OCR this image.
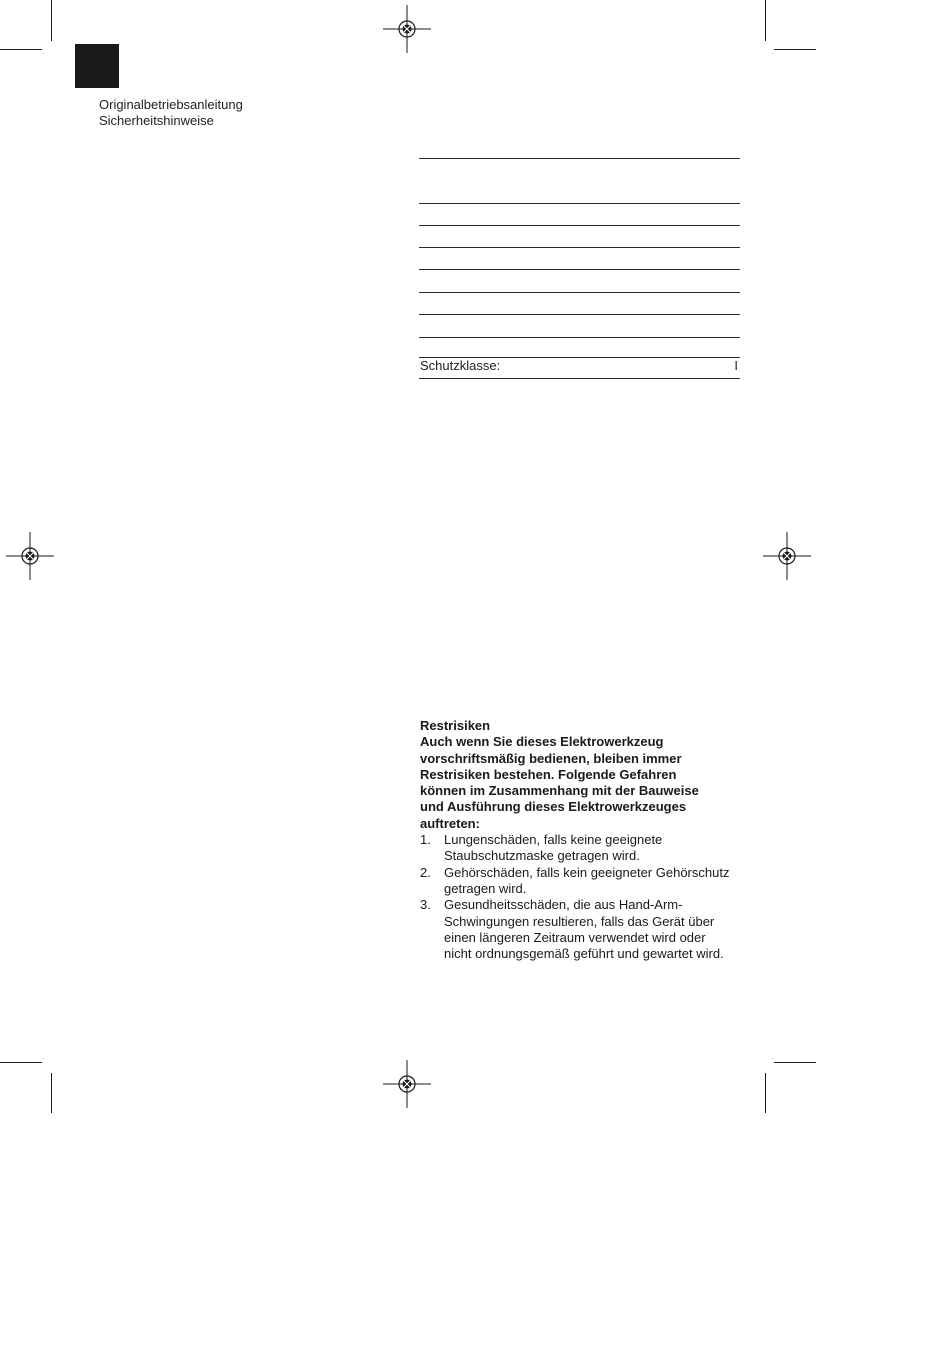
Originalbetriebsanleitung
Sicherheitshinweise
Schutzklasse:	I
Restrisiken
Auch wenn Sie dieses Elektrowerkzeug
vorschriftsmäßig bedienen, bleiben immer
Restrisiken bestehen. Folgende Gefahren
können im Zusammenhang mit der Bauweise
und Ausführung dieses Elektrowerkzeuges
auftreten:
1. Lungenschäden, falls keine geeignete
Staubschutzmaske getragen wird.
2. Gehörschäden, falls kein geeigneter Gehörschutz
getragen wird.
3. Gesundheitsschäden, die aus Hand-Arm-
Schwingungen resultieren, falls das Gerät über
einen längeren Zeitraum verwendet wird oder
nicht ordnungsgemäß geführt und gewartet wird.
